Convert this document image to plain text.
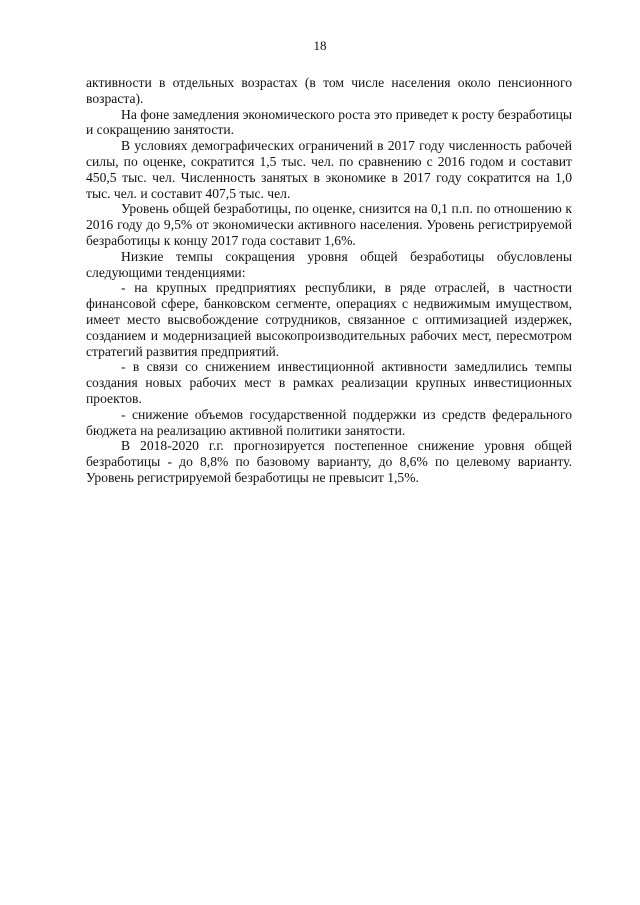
18

активности в отдельных возрастах (в том числе населения около пенсионного возраста).

На фоне замедления экономического роста это приведет к росту безработицы и сокращению занятости.

В условиях демографических ограничений в 2017 году численность рабочей силы, по оценке, сократится 1,5 тыс. чел. по сравнению с 2016 годом и составит 450,5 тыс. чел. Численность занятых в экономике в 2017 году сократится на 1,0 тыс. чел. и составит 407,5 тыс. чел.

Уровень общей безработицы, по оценке, снизится на 0,1 п.п. по отношению к 2016 году до 9,5% от экономически активного населения. Уровень регистрируемой безработицы к концу 2017 года составит 1,6%.

Низкие темпы сокращения уровня общей безработицы обусловлены следующими тенденциями:

- на крупных предприятиях республики, в ряде отраслей, в частности финансовой сфере, банковском сегменте, операциях с недвижимым имуществом, имеет место высвобождение сотрудников, связанное с оптимизацией издержек, созданием и модернизацией высокопроизводительных рабочих мест, пересмотром стратегий развития предприятий.

- в связи со снижением инвестиционной активности замедлились темпы создания новых рабочих мест в рамках реализации крупных инвестиционных проектов.

- снижение объемов государственной поддержки из средств федерального бюджета на реализацию активной политики занятости.

В 2018-2020 г.г. прогнозируется постепенное снижение уровня общей безработицы - до 8,8% по базовому варианту, до 8,6% по целевому варианту. Уровень регистрируемой безработицы не превысит 1,5%.
